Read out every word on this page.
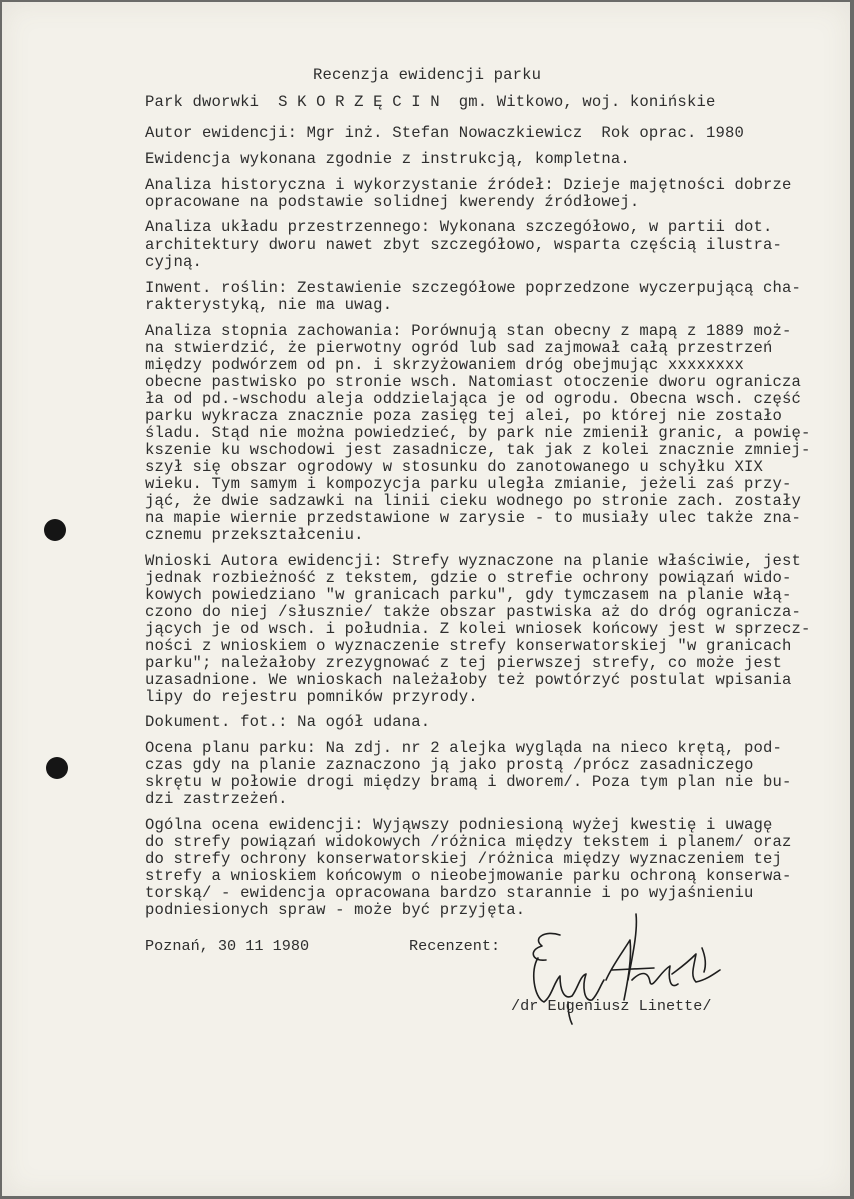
Recenzja ewidencji parku
Park dworwki  S K O R Z Ę C I N  gm. Witkowo, woj. konińskie
Autor ewidencji: Mgr inż. Stefan Nowaczkiewicz  Rok oprac. 1980
Ewidencja wykonana zgodnie z instrukcją, kompletna.
Analiza historyczna i wykorzystanie źródeł: Dzieje majętności dobrze
opracowane na podstawie solidnej kwerendy źródłowej.
Analiza układu przestrzennego: Wykonana szczegółowo, w partii dot.
architektury dworu nawet zbyt szczegółowo, wsparta częścią ilustra-
cyjną.
Inwent. roślin: Zestawienie szczegółowe poprzedzone wyczerpującą cha-
rakterystyką, nie ma uwag.
Analiza stopnia zachowania: Porównują stan obecny z mapą z 1889 moż-
na stwierdzić, że pierwotny ogród lub sad zajmował całą przestrzeń
między podwórzem od pn. i skrzyżowaniem dróg obejmując xxxxxxxx
obecne pastwisko po stronie wsch. Natomiast otoczenie dworu ogranicza
ła od pd.-wschodu aleja oddzielająca je od ogrodu. Obecna wsch. część
parku wykracza znacznie poza zasięg tej alei, po której nie zostało
śladu. Stąd nie można powiedzieć, by park nie zmienił granic, a powię-
kszenie ku wschodowi jest zasadnicze, tak jak z kolei znacznie zmniej-
szył się obszar ogrodowy w stosunku do zanotowanego u schyłku XIX
wieku. Tym samym i kompozycja parku uległa zmianie, jeżeli zaś przy-
jąć, że dwie sadzawki na linii cieku wodnego po stronie zach. zostały
na mapie wiernie przedstawione w zarysie - to musiały ulec także zna-
cznemu przekształceniu.
Wnioski Autora ewidencji: Strefy wyznaczone na planie właściwie, jest
jednak rozbieżność z tekstem, gdzie o strefie ochrony powiązań wido-
kowych powiedziano "w granicach parku", gdy tymczasem na planie włą-
czono do niej /słusznie/ także obszar pastwiska aż do dróg ogranicza-
jących je od wsch. i południa. Z kolei wniosek końcowy jest w sprzecz-
ności z wnioskiem o wyznaczenie strefy konserwatorskiej "w granicach
parku"; należałoby zrezygnować z tej pierwszej strefy, co może jest
uzasadnione. We wnioskach należałoby też powtórzyć postulat wpisania
lipy do rejestru pomników przyrody.
Dokument. fot.: Na ogół udana.
Ocena planu parku: Na zdj. nr 2 alejka wygląda na nieco krętą, pod-
czas gdy na planie zaznaczono ją jako prostą /prócz zasadniczego
skrętu w połowie drogi między bramą i dworem/. Poza tym plan nie bu-
dzi zastrzeżeń.
Ogólna ocena ewidencji: Wyjąwszy podniesioną wyżej kwestię i uwagę
do strefy powiązań widokowych /różnica między tekstem i planem/ oraz
do strefy ochrony konserwatorskiej /różnica między wyznaczeniem tej
strefy a wnioskiem końcowym o nieobejmowanie parku ochroną konserwa-
torską/ - ewidencja opracowana bardzo starannie i po wyjaśnieniu
podniesionych spraw - może być przyjęta.
Poznań, 30 11 1980	Recenzent:
/dr Eugeniusz Linette/
